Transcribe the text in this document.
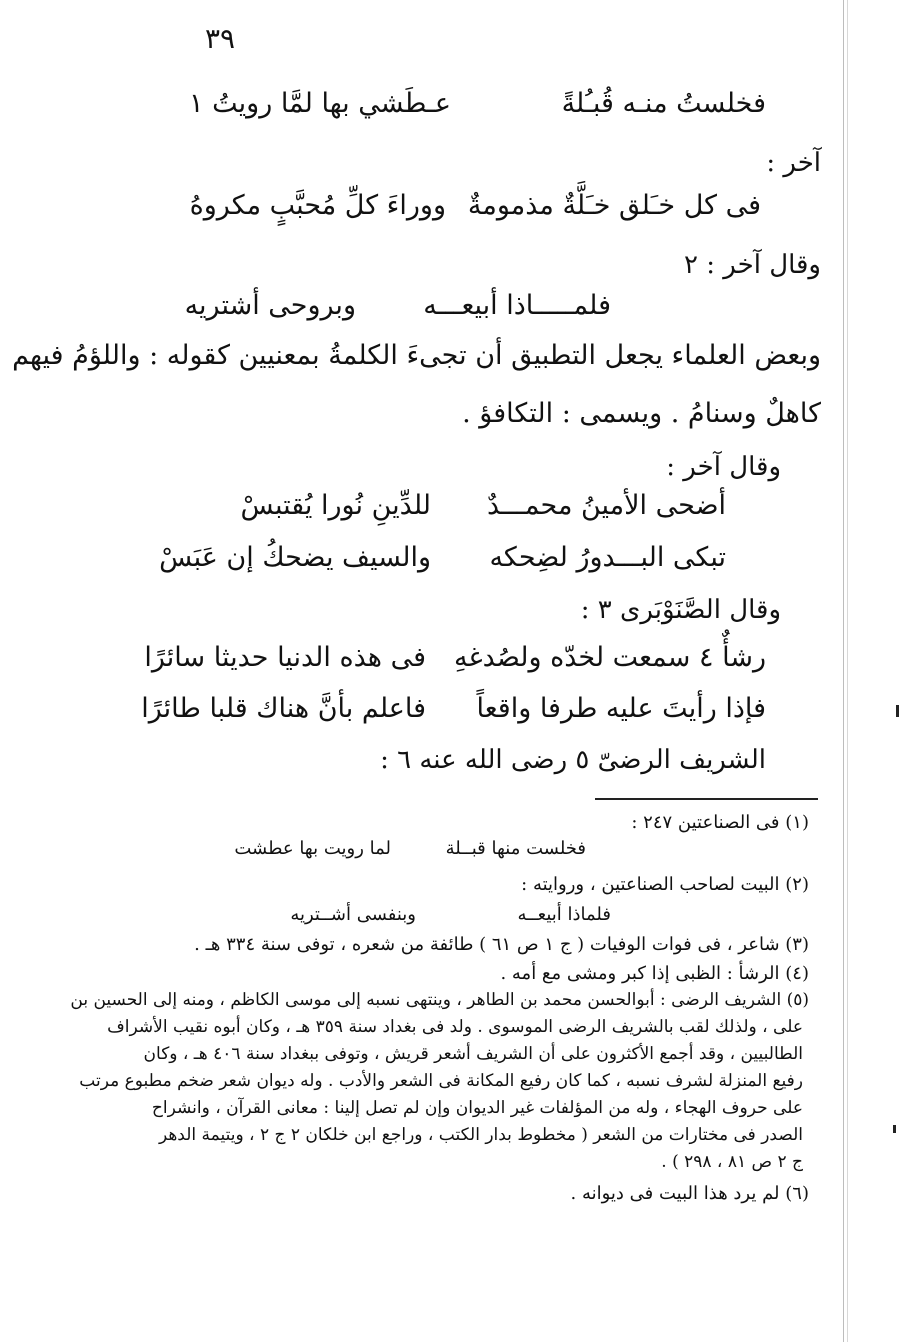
٣٩
فخلستُ منـه قُبـُلةً
عـطَشي بها لمَّا رويتُ ١
آخر :
فى كل خـَلق خـَلَّةٌ مذمومةٌ
ووراءَ كلِّ مُحبَّبٍ مكروهُ
وقال آخر : ٢
فلمـــــاذا أبيعـــه
وبروحى أشتريه
وبعض العلماء يجعل التطبيق أن تجىءَ الكلمةُ بمعنيين كقوله : واللؤمُ فيهم
كاهلٌ وسنامُ . ويسمى : التكافؤ .
وقال آخر :
أضحى الأمينُ محمـــدٌ
للدِّينِ نُورا يُقتبسْ
تبكى البـــدورُ لضِحكه
والسيف يضحكُ إن عَبَسْ
وقال الصَّنَوْبَرى ٣ :
رشأٌ ٤ سمعت لخدّه ولصُدغهِ
فى هذه الدنيا حديثا سائرًا
فإذا رأيتَ عليه طرفا واقعاً
فاعلم بأنَّ هناك قلبا طائرًا
الشريف الرضىّ ٥ رضى الله عنه ٦ :
(١) فى الصناعتين ٢٤٧ :
فخلست منها قبــلة
لما رويت بها عطشت
(٢) البيت لصاحب الصناعتين ، وروايته :
فلماذا أبيعــه
وبنفسى أشــتريه
(٣) شاعر ، فى فوات الوفيات ( ج ١ ص ٦١ ) طائفة من شعره ، توفى سنة ٣٣٤ هـ .
(٤) الرشأ : الظبى إذا كبر ومشى مع أمه .
(٥) الشريف الرضى : أبوالحسن محمد بن الطاهر ، وينتهى نسبه إلى موسى الكاظم ، ومنه إلى الحسين بن
على ، ولذلك لقب بالشريف الرضى الموسوى . ولد فى بغداد سنة ٣٥٩ هـ ، وكان أبوه نقيب الأشراف
الطالبيين ، وقد أجمع الأكثرون على أن الشريف أشعر قريش ، وتوفى ببغداد سنة ٤٠٦ هـ ، وكان
رفيع المنزلة لشرف نسبه ، كما كان رفيع المكانة فى الشعر والأدب . وله ديوان شعر ضخم مطبوع مرتب
على حروف الهجاء ، وله من المؤلفات غير الديوان وإن لم تصل إلينا : معانى القرآن ، وانشراح
الصدر فى مختارات من الشعر ( مخطوط بدار الكتب ، وراجع ابن خلكان ٢ ج ٢ ، ويتيمة الدهر
ج ٢ ص ٨١ ، ٢٩٨ ) .
(٦) لم يرد هذا البيت فى ديوانه .
